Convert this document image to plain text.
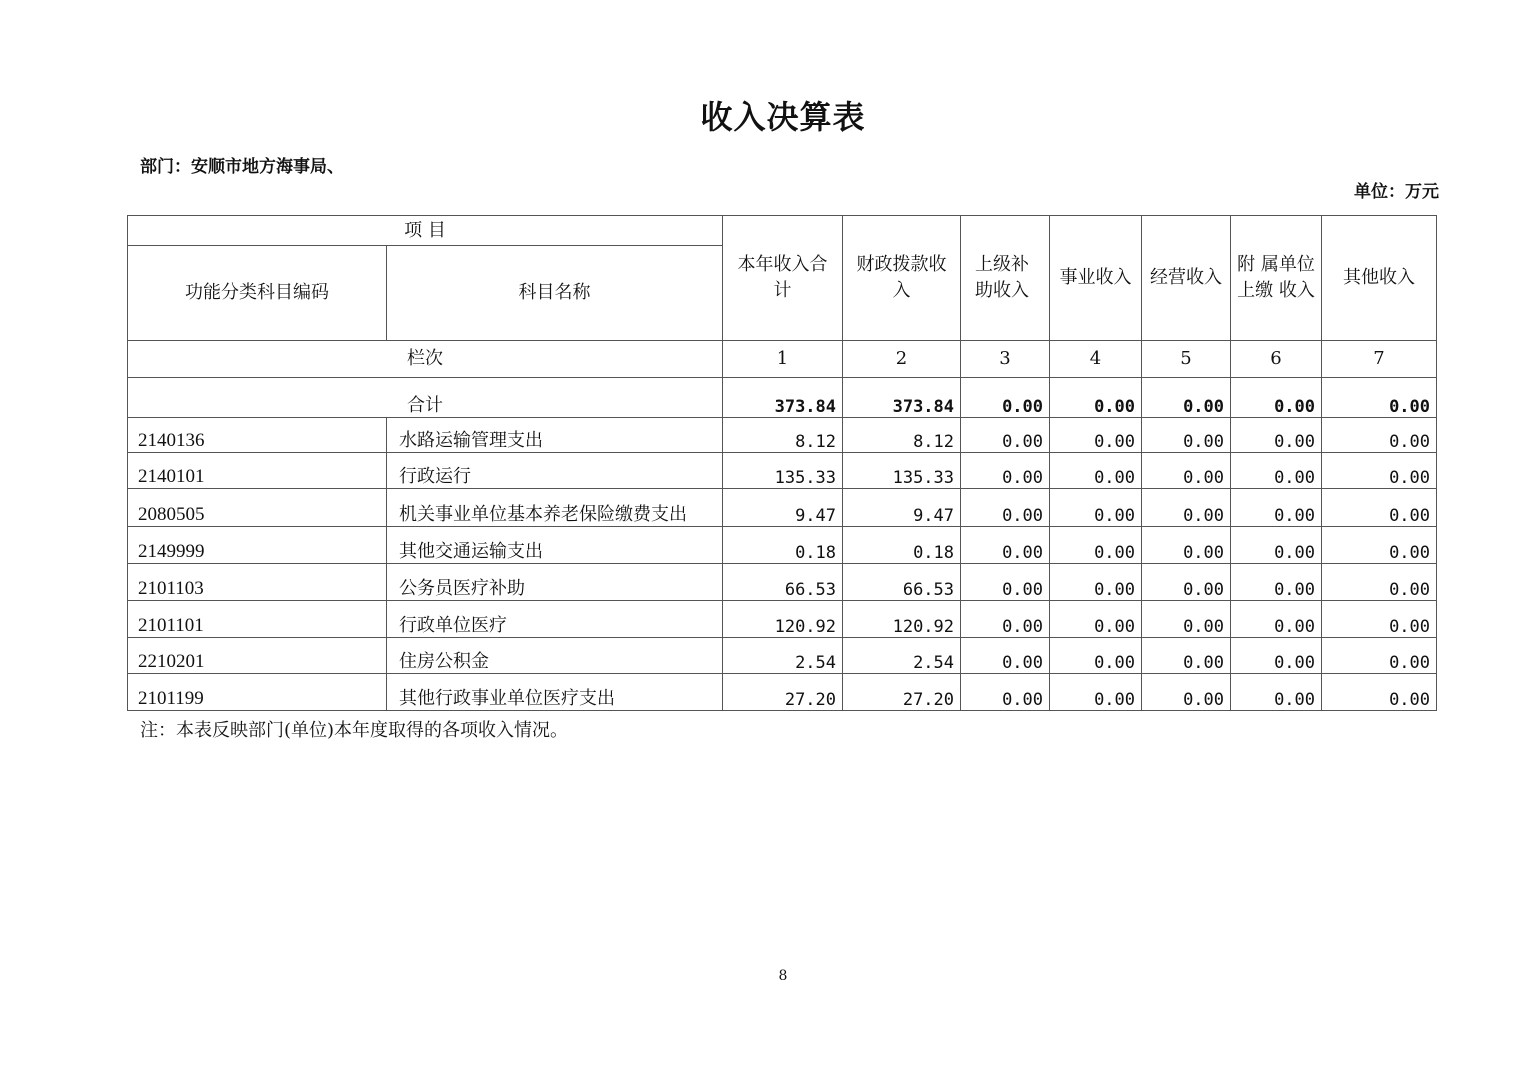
收入决算表
部门：安顺市地方海事局、
单位：万元
项 目		本年收入合计	财政拨款收入	上级补助收入	事业收入	经营收入	附 属单位上缴 收入	其他收入
功能分类科目编码	科目名称							
栏次		1	2	3	4	5	6	7
合计		373.84	373.84	0.00	0.00	0.00	0.00	0.00
2140136	水路运输管理支出	8.12	8.12	0.00	0.00	0.00	0.00	0.00
2140101	行政运行	135.33	135.33	0.00	0.00	0.00	0.00	0.00
2080505	机关事业单位基本养老保险缴费支出	9.47	9.47	0.00	0.00	0.00	0.00	0.00
2149999	其他交通运输支出	0.18	0.18	0.00	0.00	0.00	0.00	0.00
2101103	公务员医疗补助	66.53	66.53	0.00	0.00	0.00	0.00	0.00
2101101	行政单位医疗	120.92	120.92	0.00	0.00	0.00	0.00	0.00
2210201	住房公积金	2.54	2.54	0.00	0.00	0.00	0.00	0.00
2101199	其他行政事业单位医疗支出	27.20	27.20	0.00	0.00	0.00	0.00	0.00
注：本表反映部门(单位)本年度取得的各项收入情况。
8
